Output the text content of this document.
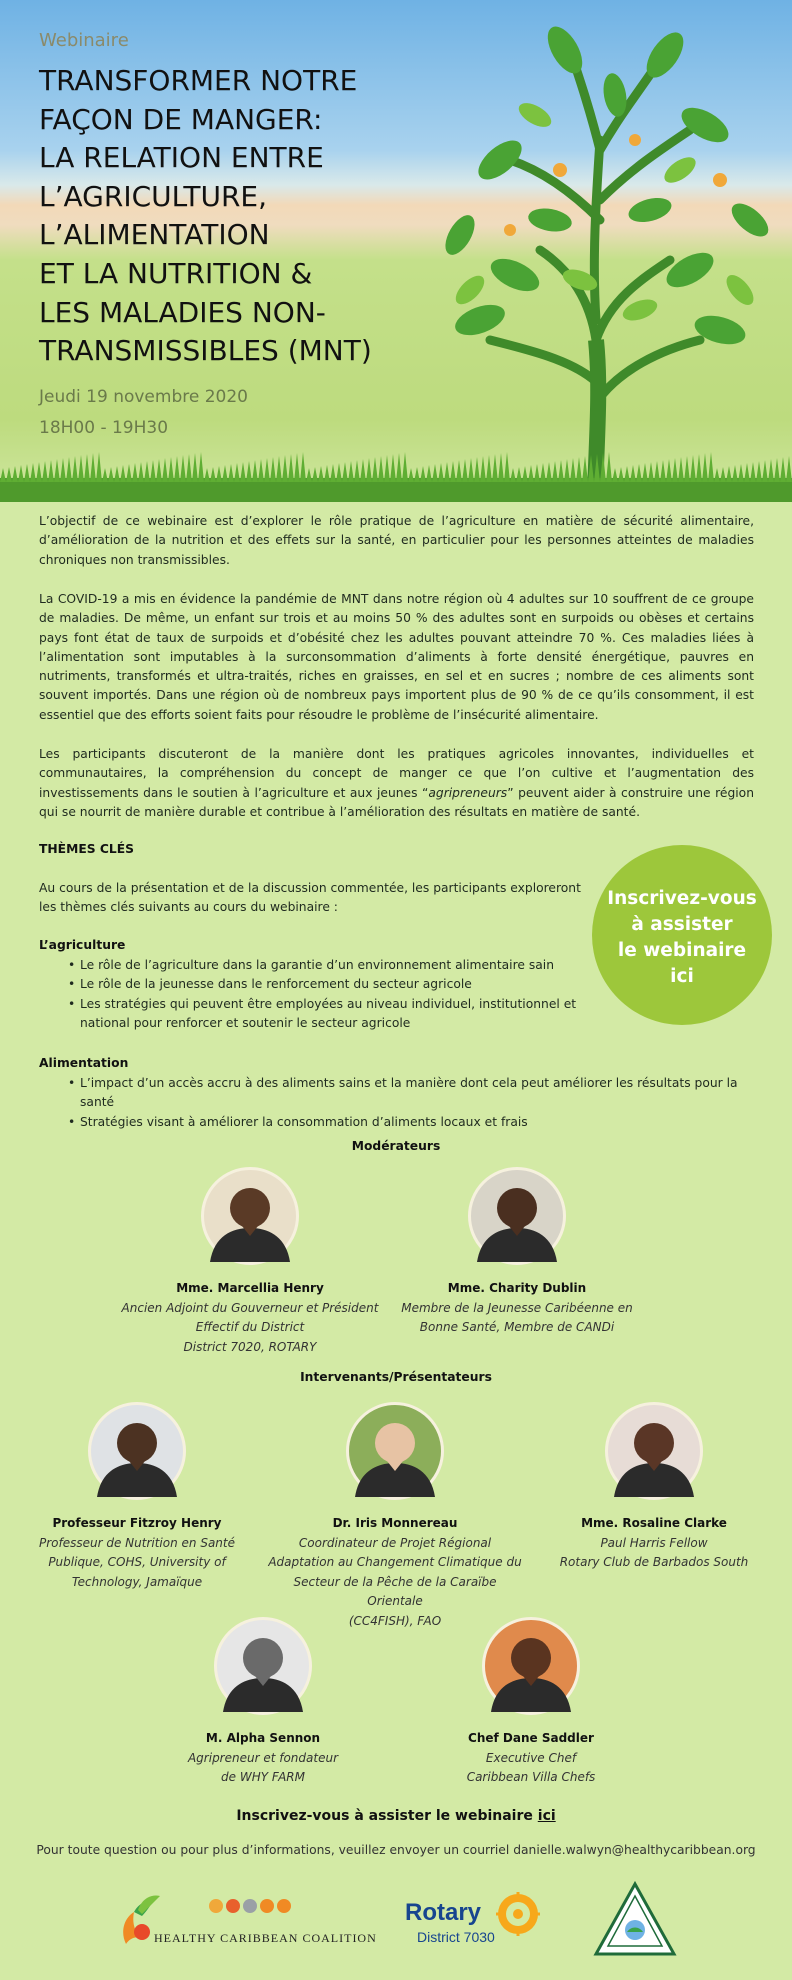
Webinaire
TRANSFORMER NOTRE
FAÇON DE MANGER:
LA RELATION ENTRE
L’AGRICULTURE,
L’ALIMENTATION
ET LA NUTRITION &
LES MALADIES NON-
TRANSMISSIBLES (MNT)
Jeudi 19 novembre 2020
18H00 - 19H30

L’objectif de ce webinaire est d’explorer le rôle pratique de l’agriculture en matière de sécurité alimentaire, d’amélioration de la nutrition et des effets sur la santé, en particulier pour les personnes atteintes de maladies chroniques non transmissibles.

La COVID-19 a mis en évidence la pandémie de MNT dans notre région où 4 adultes sur 10 souffrent de ce groupe de maladies. De même, un enfant sur trois et au moins 50 % des adultes sont en surpoids ou obèses et certains pays font état de taux de surpoids et d’obésité chez les adultes pouvant atteindre 70 %. Ces maladies liées à l’alimentation sont imputables à la surconsommation d’aliments à forte densité énergétique, pauvres en nutriments, transformés et ultra-traités, riches en graisses, en sel et en sucres ; nombre de ces aliments sont souvent importés. Dans une région où de nombreux pays importent plus de 90 % de ce qu’ils consomment, il est essentiel que des efforts soient faits pour résoudre le problème de l’insécurité alimentaire.

Les participants discuteront de la manière dont les pratiques agricoles innovantes, individuelles et communautaires, la compréhension du concept de manger ce que l’on cultive et l’augmentation des investissements dans le soutien à l’agriculture et aux jeunes “agripreneurs” peuvent aider à construire une région qui se nourrit de manière durable et contribue à l’amélioration des résultats en matière de santé.

THÈMES CLÉS

Au cours de la présentation et de la discussion commentée, les participants exploreront les thèmes clés suivants au cours du webinaire :

L’agriculture
• Le rôle de l’agriculture dans la garantie d’un environnement alimentaire sain
• Le rôle de la jeunesse dans le renforcement du secteur agricole
• Les stratégies qui peuvent être employées au niveau individuel, institutionnel et national pour renforcer et soutenir le secteur agricole
Alimentation
• L’impact d’un accès accru à des aliments sains et la manière dont cela peut améliorer les résultats pour la santé
• Stratégies visant à améliorer la consommation d’aliments locaux et frais
Inscrivez-vous
à assister
le webinaire
ici
Modérateurs
Mme. Marcellia Henry
Ancien Adjoint du Gouverneur et Président
Effectif du District
District 7020, ROTARY
Mme. Charity Dublin
Membre de la Jeunesse Caribéenne en
Bonne Santé, Membre de CANDi
Intervenants/Présentateurs
Professeur Fitzroy Henry
Professeur de Nutrition en Santé
Publique, COHS, University of
Technology, Jamaïque
Dr. Iris Monnereau
Coordinateur de Projet Régional
Adaptation au Changement Climatique du
Secteur de la Pêche de la Caraïbe Orientale
(CC4FISH), FAO
Mme. Rosaline Clarke
Paul Harris Fellow
Rotary Club de Barbados South
M. Alpha Sennon
Agripreneur et fondateur
de WHY FARM
Chef Dane Saddler
Executive Chef
Caribbean Villa Chefs
Inscrivez-vous à assister le webinaire ici
Pour toute question ou pour plus d’informations, veuillez envoyer un courriel danielle.walwyn@healthycaribbean.org
HEALTHY CARIBBEAN COALITION
Rotary
District 7030
